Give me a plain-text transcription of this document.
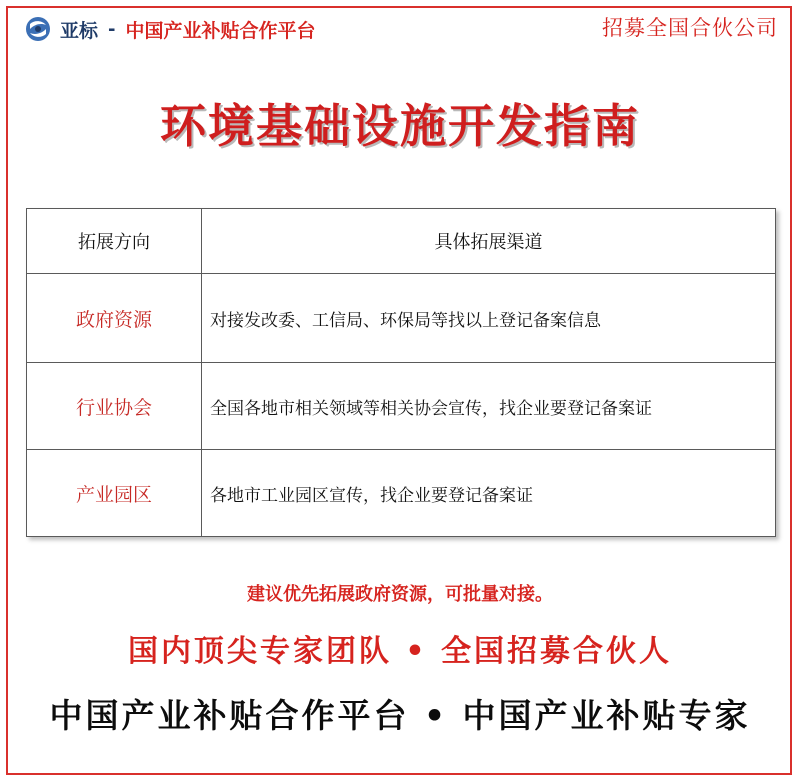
亚标 - 中国产业补贴合作平台	招募全国合伙公司
环境基础设施开发指南
拓展方向	具体拓展渠道
政府资源	对接发改委、工信局、环保局等找以上登记备案信息
行业协会	全国各地市相关领域等相关协会宣传，找企业要登记备案证
产业园区	各地市工业园区宣传，找企业要登记备案证
建议优先拓展政府资源，可批量对接。
国内顶尖专家团队 • 全国招募合伙人
中国产业补贴合作平台 • 中国产业补贴专家
